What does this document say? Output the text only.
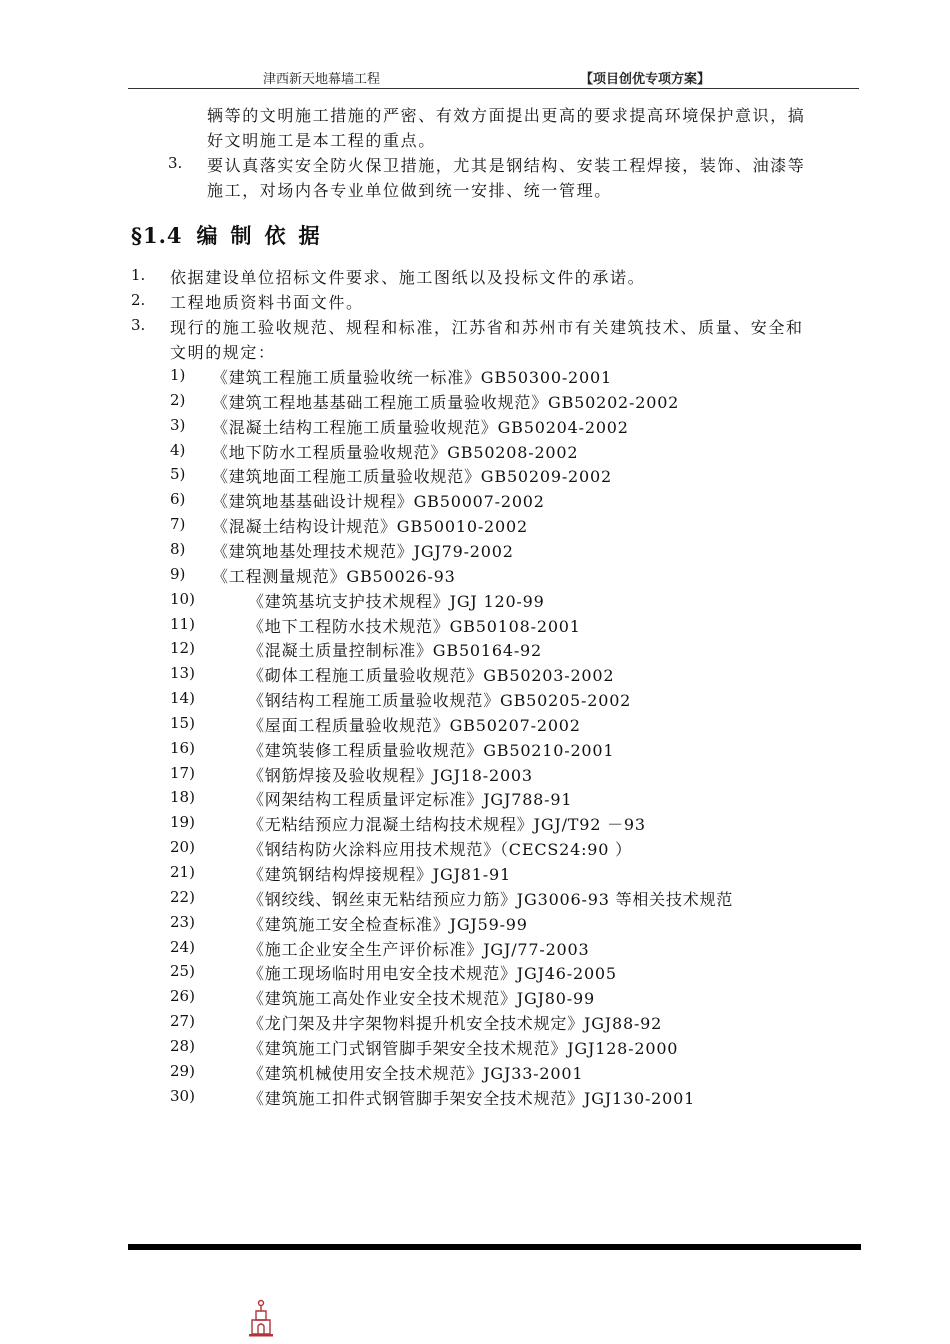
津西新天地幕墙工程	【项目创优专项方案】
辆等的文明施工措施的严密、有效方面提出更高的要求提高环境保护意识，搞
好文明施工是本工程的重点。
3. 要认真落实安全防火保卫措施，尤其是钢结构、安装工程焊接，装饰、油漆等
施工，对场内各专业单位做到统一安排、统一管理。
§1.4 编制依据
1. 依据建设单位招标文件要求、施工图纸以及投标文件的承诺。
2. 工程地质资料书面文件。
3. 现行的施工验收规范、规程和标准，江苏省和苏州市有关建筑技术、质量、安全和
文明的规定：
1) 《建筑工程施工质量验收统一标准》GB50300-2001
2) 《建筑工程地基基础工程施工质量验收规范》GB50202-2002
3) 《混凝土结构工程施工质量验收规范》GB50204-2002
4) 《地下防水工程质量验收规范》GB50208-2002
5) 《建筑地面工程施工质量验收规范》GB50209-2002
6) 《建筑地基基础设计规程》GB50007-2002
7) 《混凝土结构设计规范》GB50010-2002
8) 《建筑地基处理技术规范》JGJ79-2002
9) 《工程测量规范》GB50026-93
10)	《建筑基坑支护技术规程》JGJ 120-99
11)	《地下工程防水技术规范》GB50108-2001
12)	《混凝土质量控制标准》GB50164-92
13)	《砌体工程施工质量验收规范》GB50203-2002
14)	《钢结构工程施工质量验收规范》GB50205-2002
15)	《屋面工程质量验收规范》GB50207-2002
16)	《建筑装修工程质量验收规范》GB50210-2001
17)	《钢筋焊接及验收规程》JGJ18-2003
18)	《网架结构工程质量评定标准》JGJ788-91
19)	《无粘结预应力混凝土结构技术规程》JGJ/T92 －93
20)	《钢结构防火涂料应用技术规范》（CECS24:90 ）
21)	《建筑钢结构焊接规程》JGJ81-91
22)	《钢绞线、钢丝束无粘结预应力筋》JG3006-93 等相关技术规范
23)	《建筑施工安全检查标准》JGJ59-99
24)	《施工企业安全生产评价标准》JGJ/77-2003
25)	《施工现场临时用电安全技术规范》JGJ46-2005
26)	《建筑施工高处作业安全技术规范》JGJ80-99
27)	《龙门架及井字架物料提升机安全技术规定》JGJ88-92
28)	《建筑施工门式钢管脚手架安全技术规范》JGJ128-2000
29)	《建筑机械使用安全技术规范》JGJ33-2001
30)	《建筑施工扣件式钢管脚手架安全技术规范》JGJ130-2001
